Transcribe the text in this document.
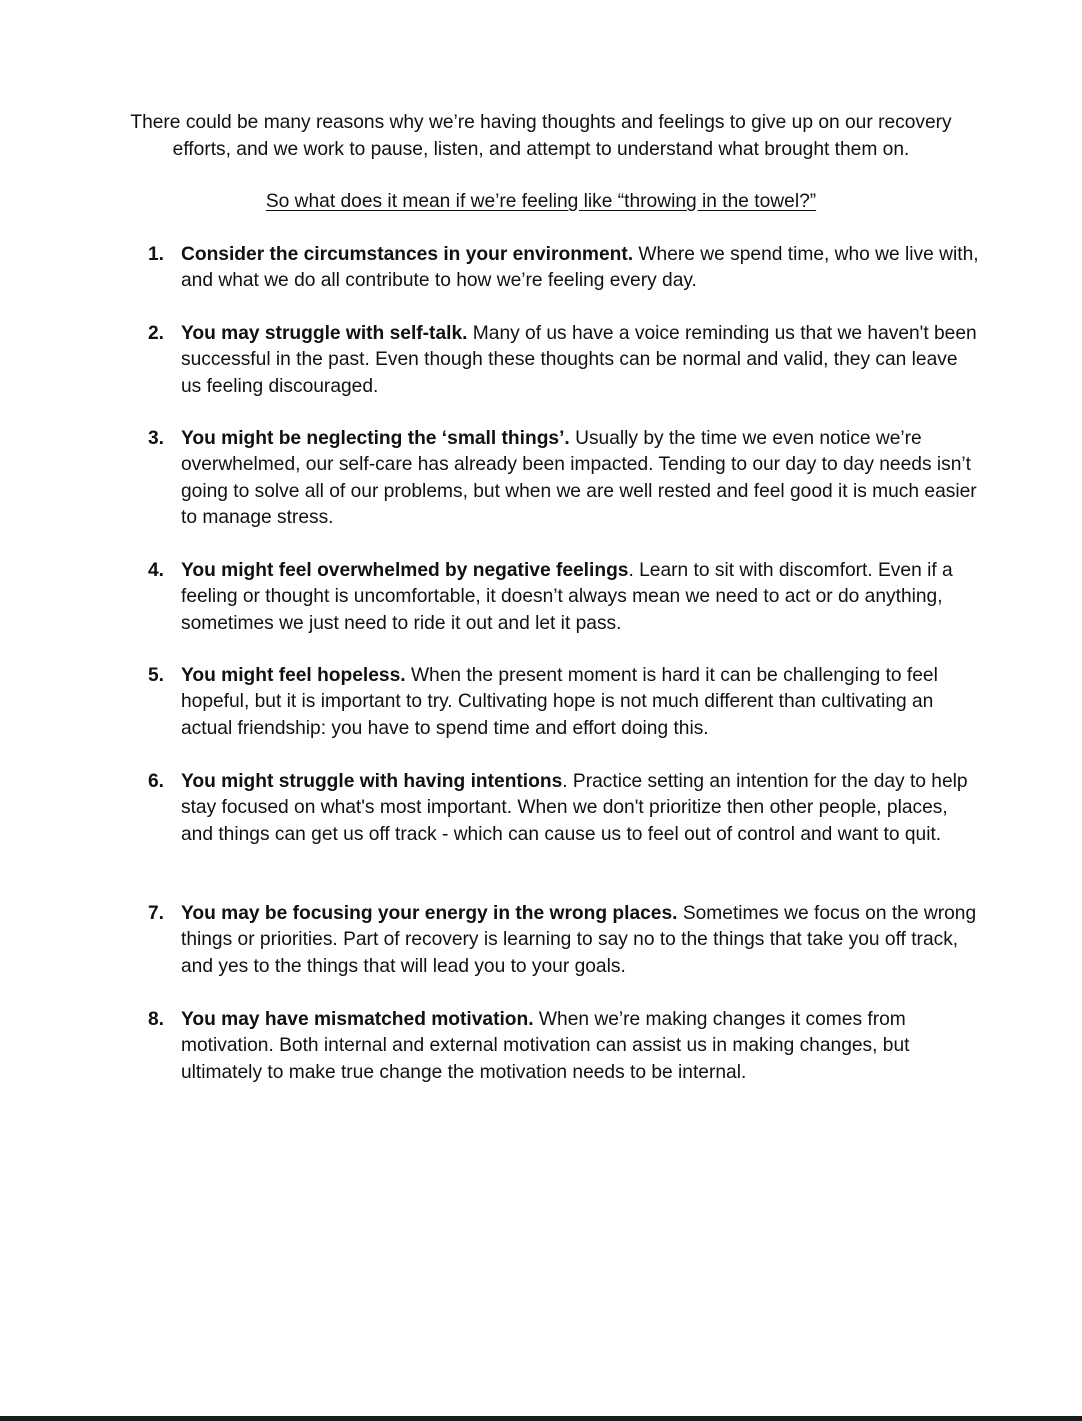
There could be many reasons why we’re having thoughts and feelings to give up on our recovery efforts, and we work to pause, listen, and attempt to understand what brought them on.

So what does it mean if we’re feeling like “throwing in the towel?”

1. Consider the circumstances in your environment. Where we spend time, who we live with, and what we do all contribute to how we’re feeling every day.
2. You may struggle with self-talk. Many of us have a voice reminding us that we haven't been successful in the past. Even though these thoughts can be normal and valid, they can leave us feeling discouraged.
3. You might be neglecting the ‘small things’. Usually by the time we even notice we’re overwhelmed, our self-care has already been impacted. Tending to our day to day needs isn’t going to solve all of our problems, but when we are well rested and feel good it is much easier to manage stress.
4. You might feel overwhelmed by negative feelings. Learn to sit with discomfort. Even if a feeling or thought is uncomfortable, it doesn’t always mean we need to act or do anything, sometimes we just need to ride it out and let it pass.
5. You might feel hopeless. When the present moment is hard it can be challenging to feel hopeful, but it is important to try. Cultivating hope is not much different than cultivating an actual friendship: you have to spend time and effort doing this.
6. You might struggle with having intentions. Practice setting an intention for the day to help stay focused on what's most important. When we don't prioritize then other people, places, and things can get us off track - which can cause us to feel out of control and want to quit.
7. You may be focusing your energy in the wrong places. Sometimes we focus on the wrong things or priorities. Part of recovery is learning to say no to the things that take you off track, and yes to the things that will lead you to your goals.
8. You may have mismatched motivation. When we’re making changes it comes from motivation. Both internal and external motivation can assist us in making changes, but ultimately to make true change the motivation needs to be internal.
